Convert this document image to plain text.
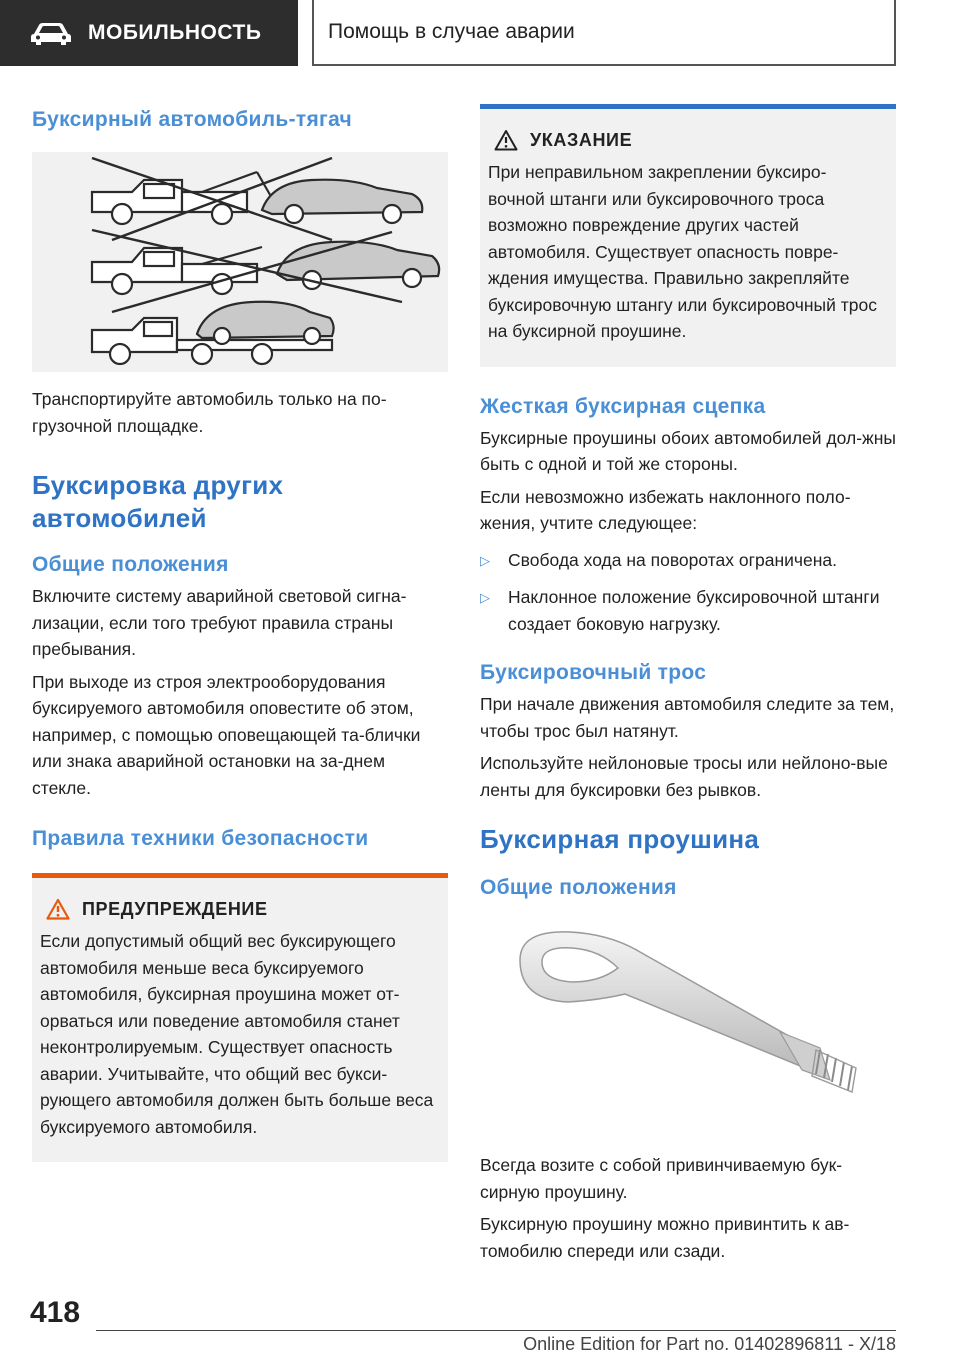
МОБИЛЬНОСТЬ	Помощь в случае аварии
Буксирный автомобиль-тягач
Транспортируйте автомобиль только на по-грузочной площадке.
Буксировка других автомобилей
Общие положения
Включите систему аварийной световой сигна-лизации, если того требуют правила страны пребывания.
При выходе из строя электрооборудования буксируемого автомобиля оповестите об этом, например, с помощью оповещающей та-блички или знака аварийной остановки на за-днем стекле.
Правила техники безопасности
ПРЕДУПРЕЖДЕНИЕ
Если допустимый общий вес буксирующего автомобиля меньше веса буксируемого автомобиля, буксирная проушина может от-орваться или поведение автомобиля станет неконтролируемым. Существует опасность аварии. Учитывайте, что общий вес букси-рующего автомобиля должен быть больше веса буксируемого автомобиля.
УКАЗАНИЕ
При неправильном закреплении буксиро-вочной штанги или буксировочного троса возможно повреждение других частей автомобиля. Существует опасность повре-ждения имущества. Правильно закрепляйте буксировочную штангу или буксировочный трос на буксирной проушине.
Жесткая буксирная сцепка
Буксирные проушины обоих автомобилей дол-жны быть с одной и той же стороны.
Если невозможно избежать наклонного поло-жения, учтите следующее:
▷	Свобода хода на поворотах ограничена.
▷	Наклонное положение буксировочной штанги создает боковую нагрузку.
Буксировочный трос
При начале движения автомобиля следите за тем, чтобы трос был натянут.
Используйте нейлоновые тросы или нейлоно-вые ленты для буксировки без рывков.
Буксирная проушина
Общие положения
Всегда возите с собой привинчиваемую бук-сирную проушину.
Буксирную проушину можно привинтить к ав-томобилю спереди или сзади.
418
Online Edition for Part no. 01402896811 - X/18
